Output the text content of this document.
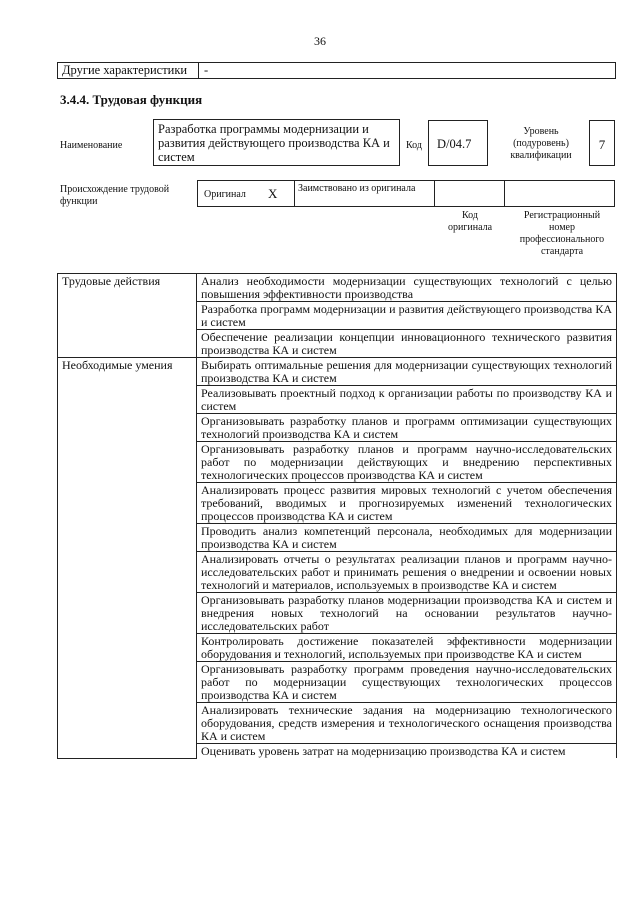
36
Другие характеристики -
3.4.4. Трудовая функция
Наименование
Разработка программы модернизации и развития действующего производства КА и систем
Код	D/04.7
Уровень (подуровень) квалификации
7
Происхождение трудовой функции
Оригинал X Заимствовано из оригинала
Код оригинала
Регистрационный номер профессионального стандарта
Трудовые действия	Анализ необходимости модернизации существующих технологий с целью повышения эффективности производства
	Разработка программ модернизации и развития действующего производства КА и систем
	Обеспечение реализации концепции инновационного технического развития производства КА и систем
Необходимые умения	Выбирать оптимальные решения для модернизации существующих технологий производства КА и систем
	Реализовывать проектный подход к организации работы по производству КА и систем
	Организовывать разработку планов и программ оптимизации существующих технологий производства КА и систем
	Организовывать разработку планов и программ научно-исследовательских работ по модернизации действующих и внедрению перспективных технологических процессов производства КА и систем
	Анализировать процесс развития мировых технологий с учетом обеспечения требований, вводимых и прогнозируемых изменений технологических процессов производства КА и систем
	Проводить анализ компетенций персонала, необходимых для модернизации производства КА и систем
	Анализировать отчеты о результатах реализации планов и программ научно-исследовательских работ и принимать решения о внедрении и освоении новых технологий и материалов, используемых в производстве КА и систем
	Организовывать разработку планов модернизации производства КА и систем и внедрения новых технологий на основании результатов научно-исследовательских работ
	Контролировать достижение показателей эффективности модернизации оборудования и технологий, используемых при производстве КА и систем
	Организовывать разработку программ проведения научно-исследовательских работ по модернизации существующих технологических процессов производства КА и систем
	Анализировать технические задания на модернизацию технологического оборудования, средств измерения и технологического оснащения производства КА и систем
	Оценивать уровень затрат на модернизацию производства КА и систем
